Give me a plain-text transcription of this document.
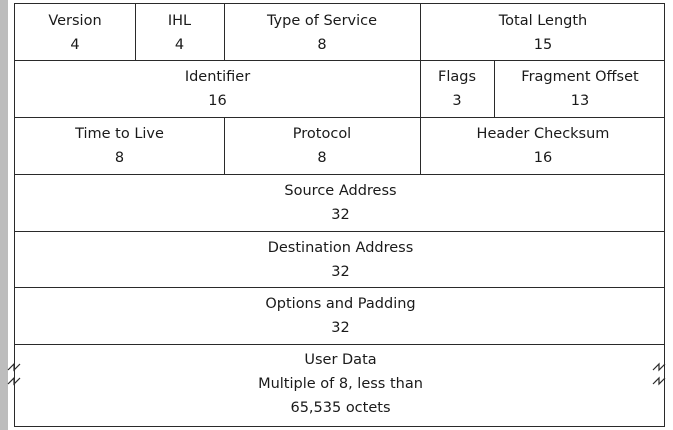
Version
4
IHL
4
Type of Service
8
Total Length
15
Identifier
16
Flags
3
Fragment Offset
13
Time to Live
8
Protocol
8
Header Checksum
16
Source Address
32
Destination Address
32
Options and Padding
32
User Data
Multiple of 8, less than
65,535 octets
